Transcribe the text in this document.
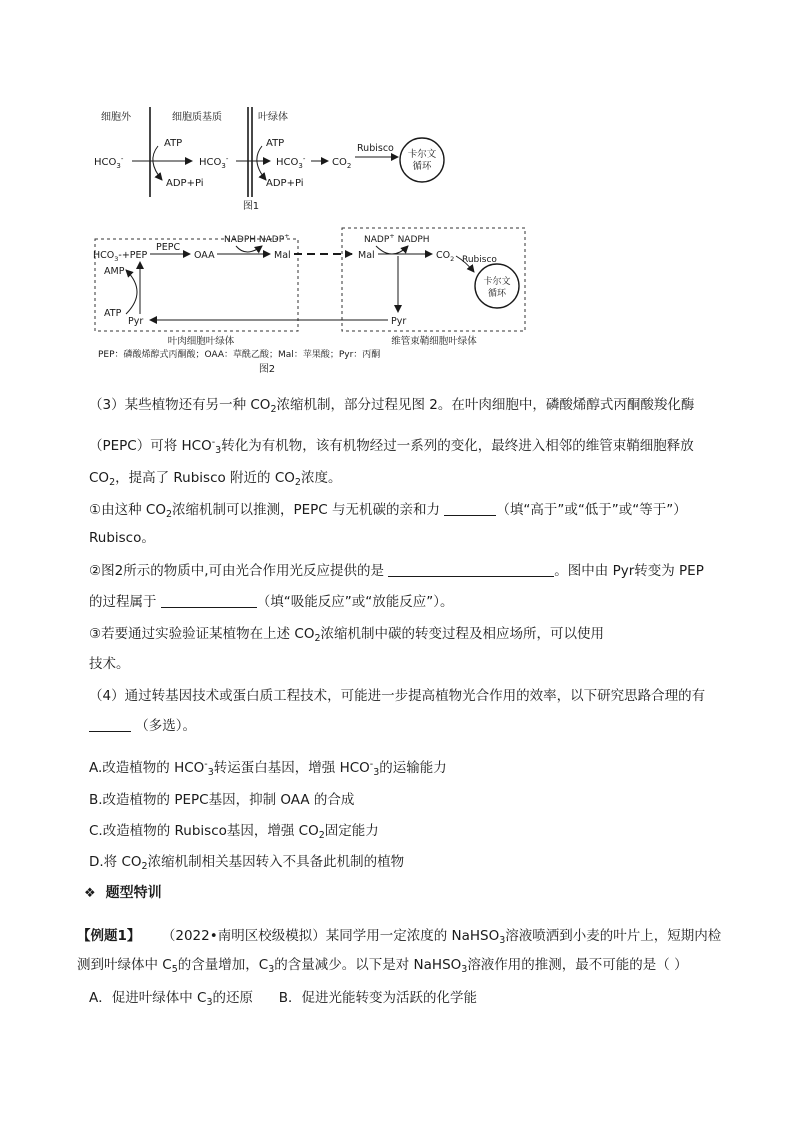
细胞外	细胞质基质	叶绿体
$HCO_3^-$
ATP
ADP+Pi
$HCO_3^-$
ATP
ADP+Pi
$HCO_3^-$	$CO_2$
Rubisco
卡尔文
循环
图1
$HCO_3-+PEP$
PEPC
OAA
NADPH NADP+
Mal	Mal
NADP+ NADPH
$CO_2$ Rubisco
卡尔文
循环
Pyr
Pyr
AMP
ATP
叶肉细胞叶绿体	维管束鞘细胞叶绿体
PEP：磷酸烯醇式丙酮酸；OAA：草酰乙酸；Mal：苹果酸；Pyr：丙酮
图2
（3）某些植物还有另一种 $CO_2$浓缩机制，部分过程见图 2。在叶肉细胞中，磷酸烯醇式丙酮酸羧化酶
（PEPC）可将 $HCO^-_3$转化为有机物，该有机物经过一系列的变化，最终进入相邻的维管束鞘细胞释放
$CO_2$，提高了 Rubisco 附近的 $CO_2$浓度。
①由这种 $CO_2$浓缩机制可以推测，PEPC 与无机碳的亲和力	（填“高于”或“低于”或“等于”）
Rubisco。
②图2所示的物质中,可由光合作用光反应提供的是	。图中由 Pyr转变为 PEP
的过程属于	（填“吸能反应”或“放能反应”）。
③若要通过实验验证某植物在上述 $CO_2$浓缩机制中碳的转变过程及相应场所，可以使用
技术。
（4）通过转基因技术或蛋白质工程技术，可能进一步提高植物光合作用的效率，以下研究思路合理的有
（多选）。
A.改造植物的 $HCO^-_3$转运蛋白基因，增强 $HCO^-_3$的运输能力
B.改造植物的 PEPC基因，抑制 OAA 的合成
C.改造植物的 Rubisco基因，增强 $CO_2$固定能力
D.将 $CO_2$浓缩机制相关基因转入不具备此机制的植物
❖ 题型特训
【例题1】 （2022•南明区校级模拟）某同学用一定浓度的 NaHSO$_3$溶液喷洒到小麦的叶片上，短期内检
测到叶绿体中 $C_5$的含量增加，$C_3$的含量减少。以下是对 NaHSO$_3$溶液作用的推测，最不可能的是（ ）
A．促进叶绿体中 $C_3$的还原 B．促进光能转变为活跃的化学能
